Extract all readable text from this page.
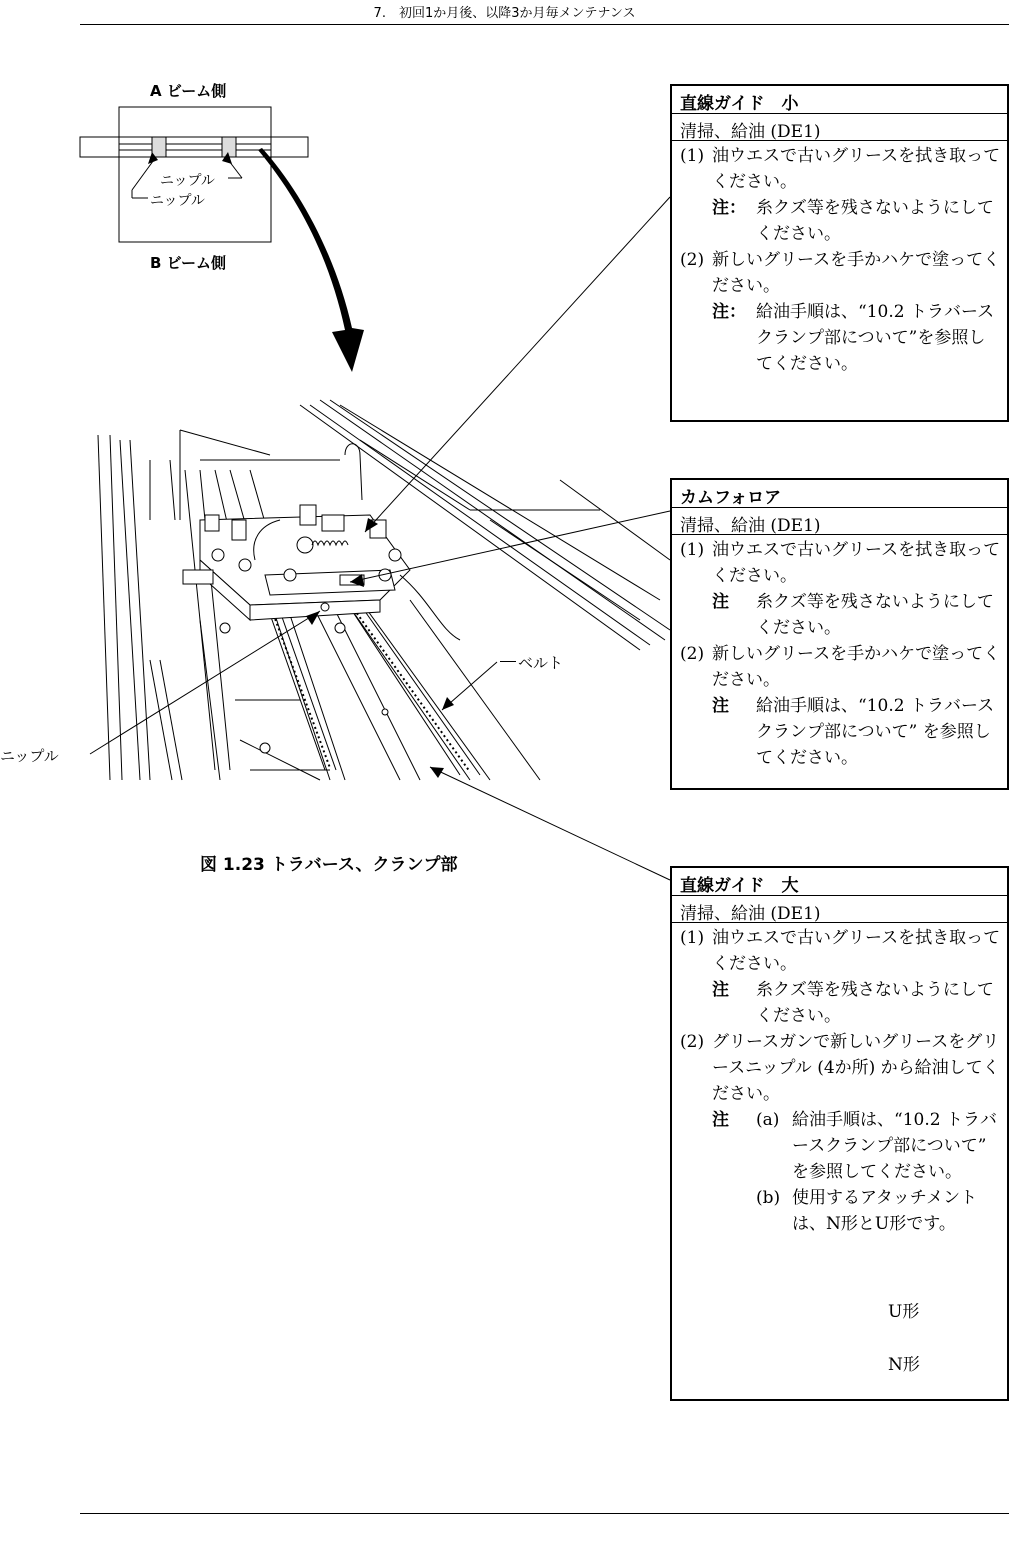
7.　初回1か月後、以降3か月毎メンテナンス
A ビーム側
B ビーム側
ニップル
ニップル
ニップル
ベルト
図 1.23 トラバース、クランプ部
直線ガイド　小
清掃、給油 (DE1)
(1) 油ウエスで古いグリースを拭き取ってください。
注： 糸クズ等を残さないようにしてください。
(2) 新しいグリースを手かハケで塗ってください。
注： 給油手順は、“10.2 トラバースクランプ部について”を参照してください。
カムフォロア
清掃、給油 (DE1)
(1) 油ウエスで古いグリースを拭き取ってください。
注	糸クズ等を残さないようにしてください。
(2) 新しいグリースを手かハケで塗ってください。
注	給油手順は、“10.2 トラバースクランプ部について” を参照してください。
直線ガイド　大
清掃、給油 (DE1)
(1) 油ウエスで古いグリースを拭き取ってください。
注	糸クズ等を残さないようにしてください。
(2) グリースガンで新しいグリースをグリースニップル (4か所) から給油してください。
注	(a) 給油手順は、“10.2 トラバースクランプ部について” を参照してください。
(b) 使用するアタッチメントは、N形とU形です。
U形
N形
